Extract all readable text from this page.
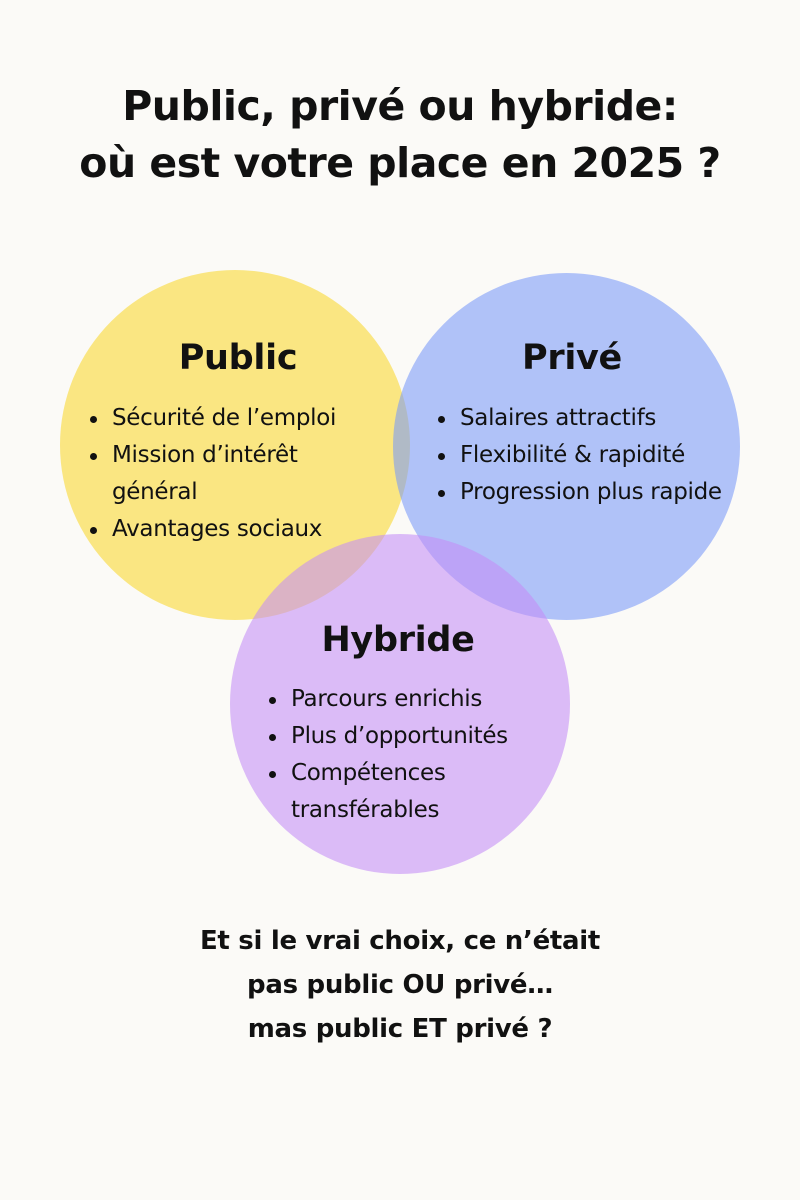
Public, privé ou hybride:
où est votre place en 2025 ?
Public
Sécurité de l’emploi
Mission d’intérêt général
Avantages sociaux
Privé
Salaires attractifs
Flexibilité & rapidité
Progression plus rapide
Hybride
Parcours enrichis
Plus d’opportunités
Compétences transférables

Et si le vrai choix, ce n’était
pas public OU privé…
mas public ET privé ?
